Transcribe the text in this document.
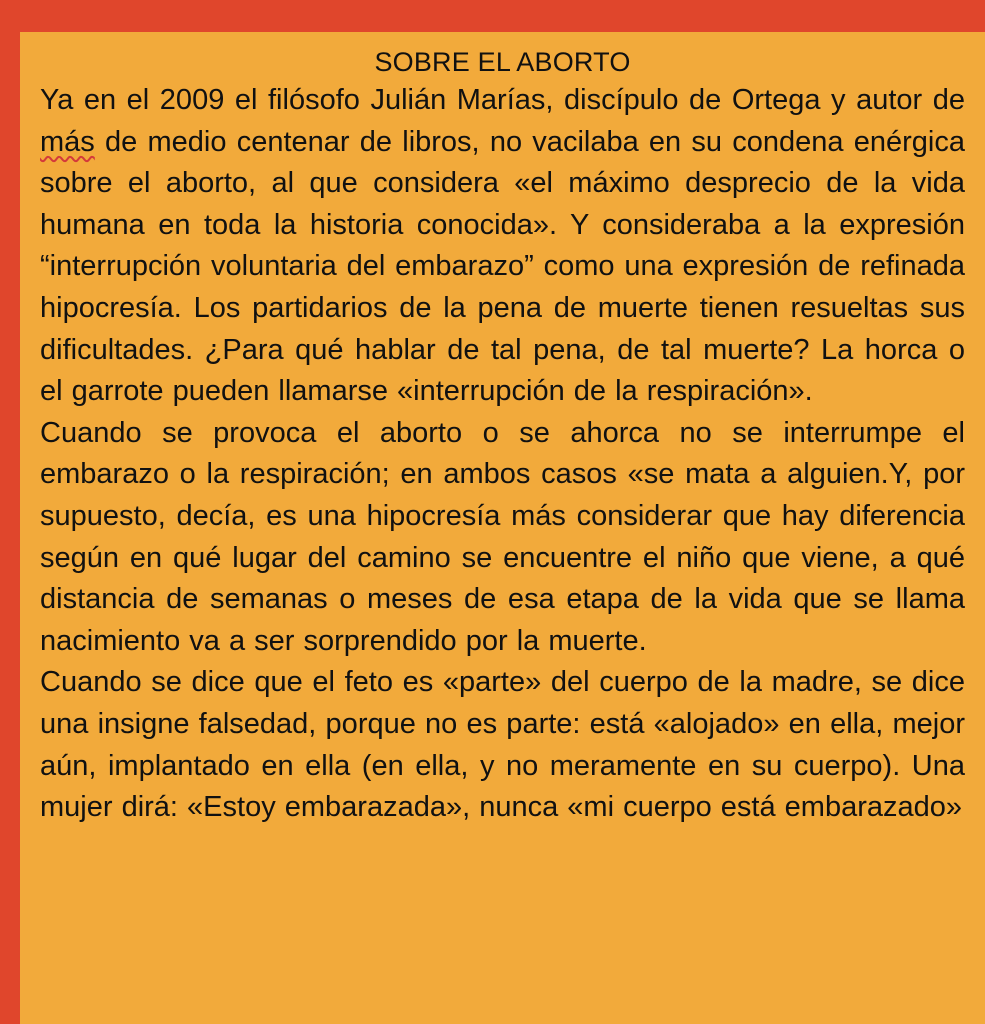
SOBRE EL ABORTO

Ya en el 2009 el filósofo Julián Marías, discípulo de Ortega y autor de más de medio centenar de libros, no vacilaba en su condena enérgica sobre el aborto, al que considera «el máximo desprecio de la vida humana en toda la historia conocida». Y consideraba a la expresión “interrupción voluntaria del embarazo” como una expresión de refinada hipocresía. Los partidarios de la pena de muerte tienen resueltas sus dificultades. ¿Para qué hablar de tal pena, de tal muerte? La horca o el garrote pueden llamarse «interrupción de la respiración».

Cuando se provoca el aborto o se ahorca no se interrumpe el embarazo o la respiración; en ambos casos «se mata a alguien.Y, por supuesto, decía, es una hipocresía más considerar que hay diferencia según en qué lugar del camino se encuentre el niño que viene, a qué distancia de semanas o meses de esa etapa de la vida que se llama nacimiento va a ser sorprendido por la muerte.

Cuando se dice que el feto es «parte» del cuerpo de la madre, se dice una insigne falsedad, porque no es parte: está «alojado» en ella, mejor aún, implantado en ella (en ella, y no meramente en su cuerpo). Una mujer dirá: «Estoy embarazada», nunca «mi cuerpo está embarazado»
